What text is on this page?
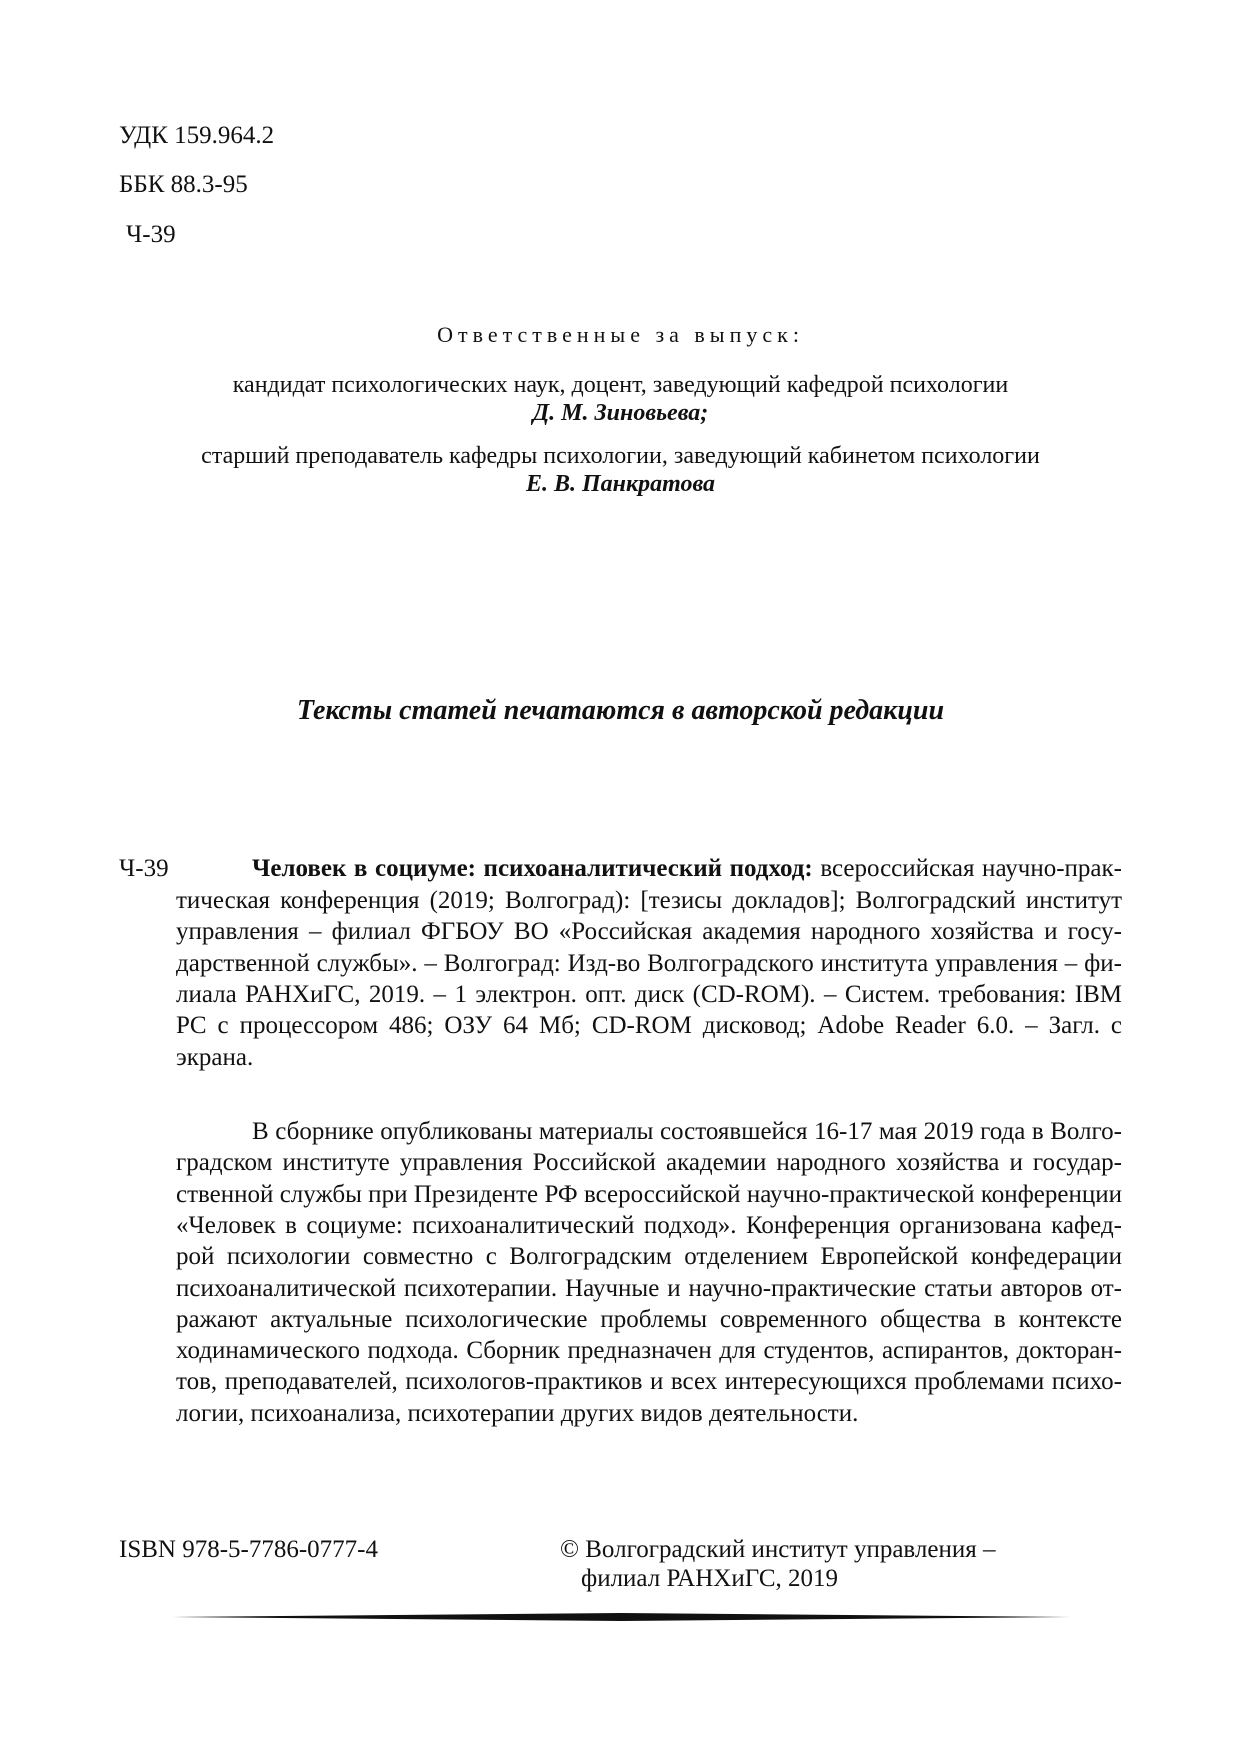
УДК 159.964.2
ББК 88.3-95
Ч-39
Ответственные за выпуск:
кандидат психологических наук, доцент, заведующий кафедрой психологии
Д. М. Зиновьева;
старший преподаватель кафедры психологии, заведующий кабинетом психологии
Е. В. Панкратова
Тексты статей печатаются в авторской редакции
Ч-39	Человек в социуме: психоаналитический подход: всероссийская научно-прак-
тическая конференция (2019; Волгоград): [тезисы докладов]; Волгоградский институт
управления – филиал ФГБОУ ВО «Российская академия народного хозяйства и госу-
дарственной службы». – Волгоград: Изд-во Волгоградского института управления – фи-
лиала РАНХиГС, 2019. – 1 электрон. опт. диск (CD-ROM). – Систем. требования: IBM
PC с процессором 486; ОЗУ 64 Мб; CD-ROM дисковод; Adobe Reader 6.0. – Загл. с
экрана.
В сборнике опубликованы материалы состоявшейся 16-17 мая 2019 года в Волго-
градском институте управления Российской академии народного хозяйства и государ-
ственной службы при Президенте РФ всероссийской научно-практической конференции
«Человек в социуме: психоаналитический подход». Конференция организована кафед-
рой психологии совместно с Волгоградским отделением Европейской конфедерации
психоаналитической психотерапии. Научные и научно-практические статьи авторов от-
ражают актуальные психологические проблемы современного общества в контексте
ходинамического подхода. Сборник предназначен для студентов, аспирантов, докторан-
тов, преподавателей, психологов-практиков и всех интересующихся проблемами психо-
логии, психоанализа, психотерапии других видов деятельности.
ISBN 978-5-7786-0777-4	© Волгоградский институт управления –
филиал РАНХиГС, 2019
